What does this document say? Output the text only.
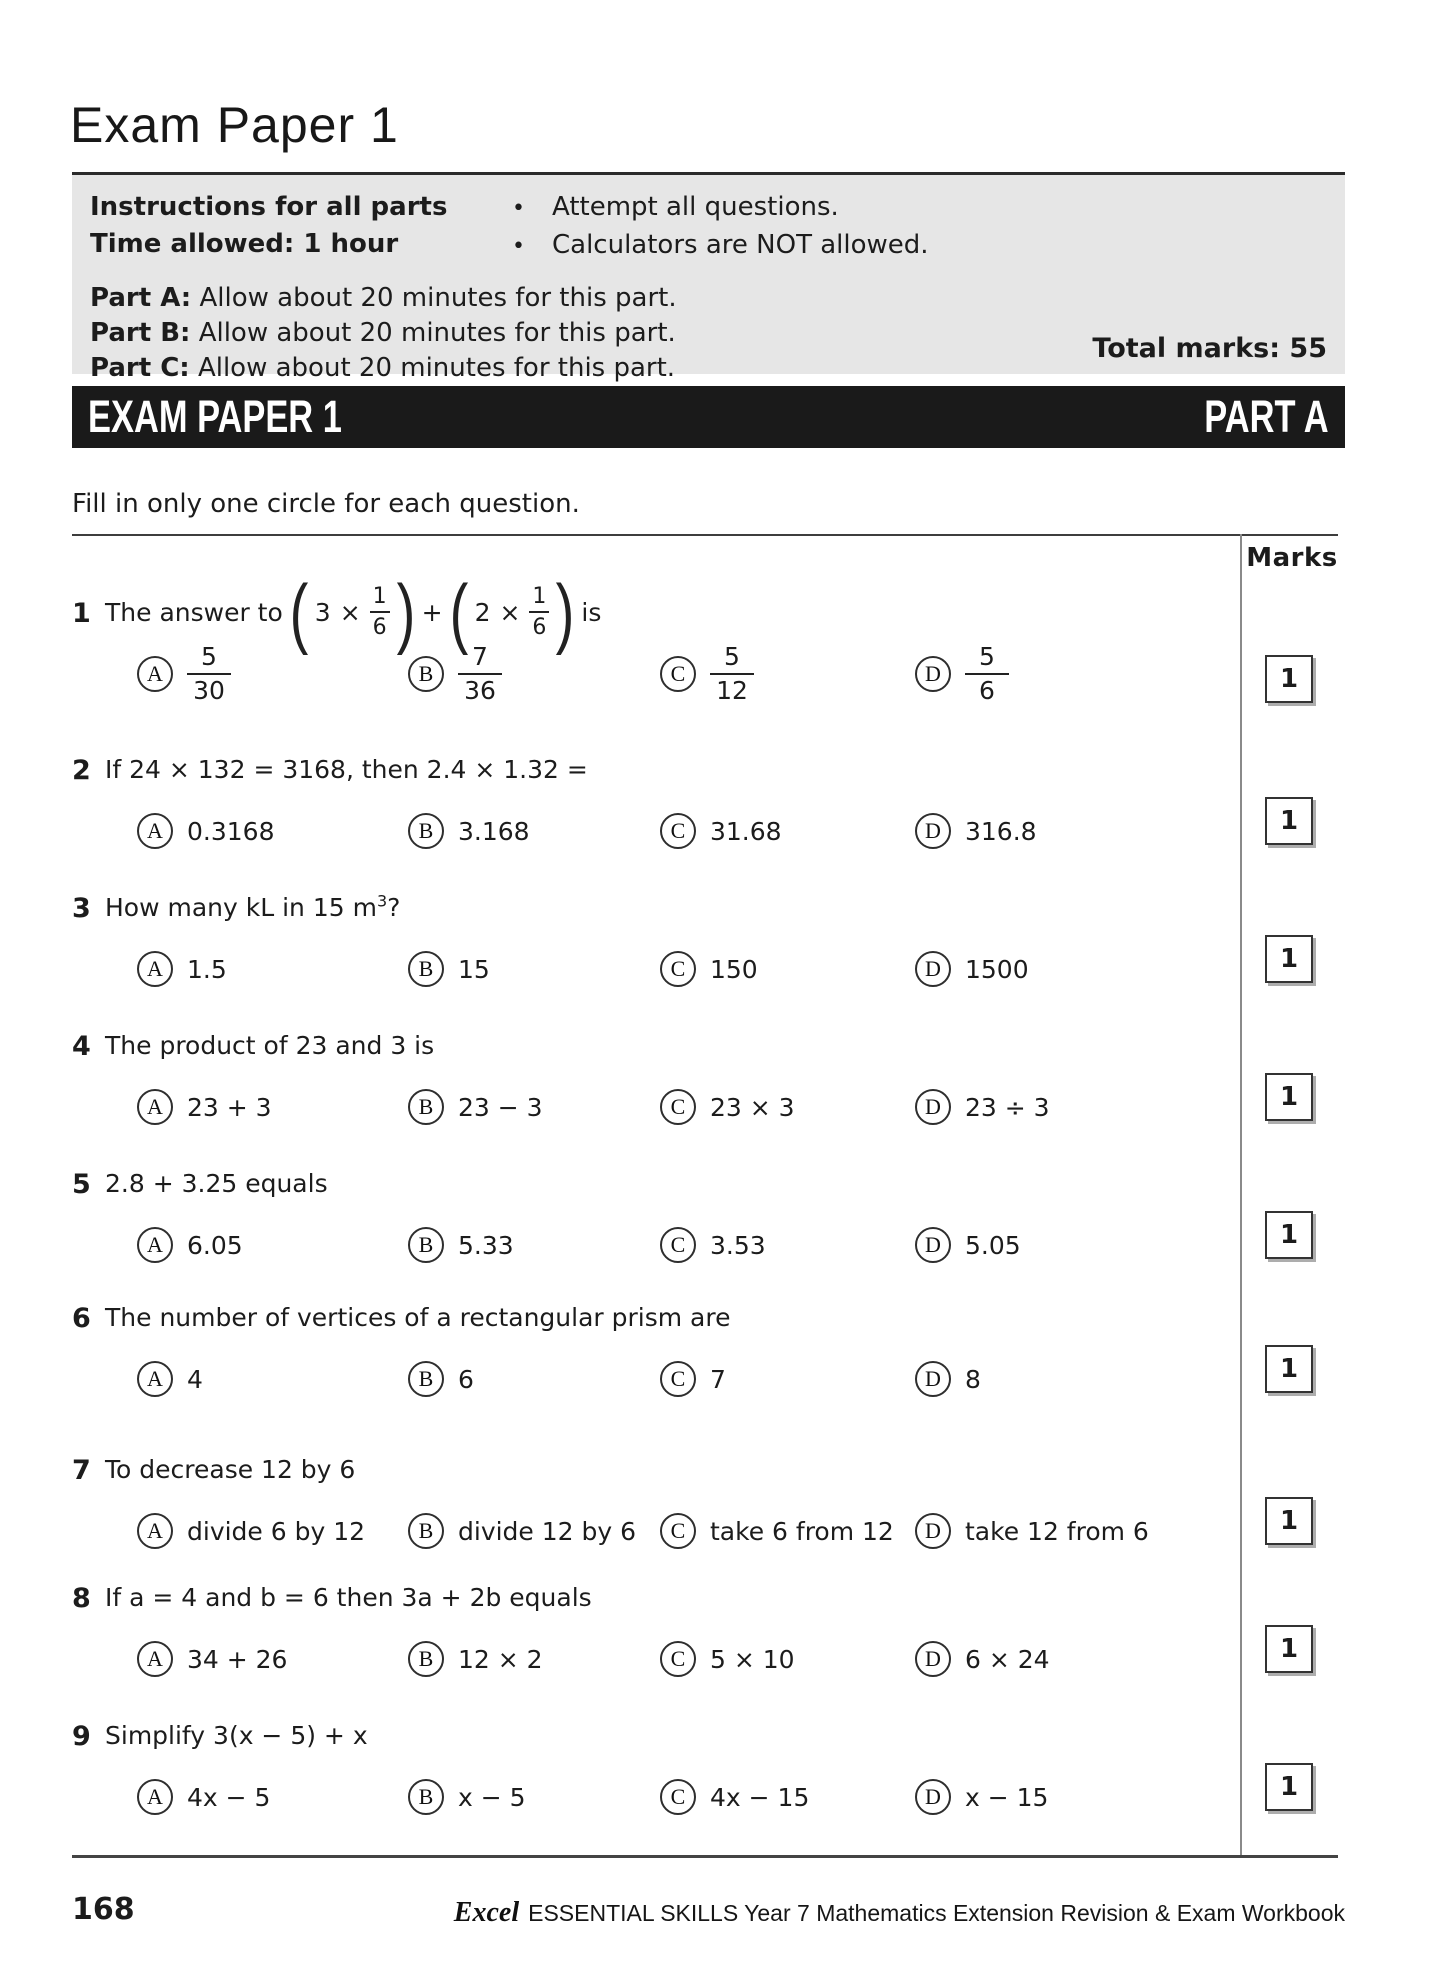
Exam Paper 1
Instructions for all parts
Time allowed: 1 hour
•	Attempt all questions.
•	Calculators are NOT allowed.
Part A: Allow about 20 minutes for this part.
Part B: Allow about 20 minutes for this part.
Part C: Allow about 20 minutes for this part.
Total marks: 55
EXAM PAPER 1	PART A
Fill in only one circle for each question.
Marks
1 The answer to ( $3 \times \frac{1}{6}$ ) + ( $2 \times \frac{1}{6}$ ) is
A $\frac{5}{30}$	B $\frac{7}{36}$	C $\frac{5}{12}$	D $\frac{5}{6}$	1
2 If 24 × 132 = 3168, then 2.4 × 1.32 =
A 0.3168	B 3.168	C 31.68	D 316.8	1
3 How many kL in 15 $m^3$?
A 1.5	B 15	C 150	D 1500	1
4 The product of 23 and 3 is
A 23 + 3	B 23 − 3	C 23 × 3	D 23 ÷ 3	1
5 2.8 + 3.25 equals
A 6.05	B 5.33	C 3.53	D 5.05	1
6 The number of vertices of a rectangular prism are
A 4	B 6	C 7	D 8	1
7 To decrease 12 by 6
A divide 6 by 12 B divide 12 by 6 C take 6 from 12 D take 12 from 6	1
8 If a = 4 and b = 6 then 3a + 2b equals
A 34 + 26	B 12 × 2	C 5 × 10	D 6 × 24	1
9 Simplify 3(x − 5) + x
A 4x − 5	B x − 5	C 4x − 15	D x − 15	1
168	Excel ESSENTIAL SKILLS Year 7 Mathematics Extension Revision & Exam Workbook
